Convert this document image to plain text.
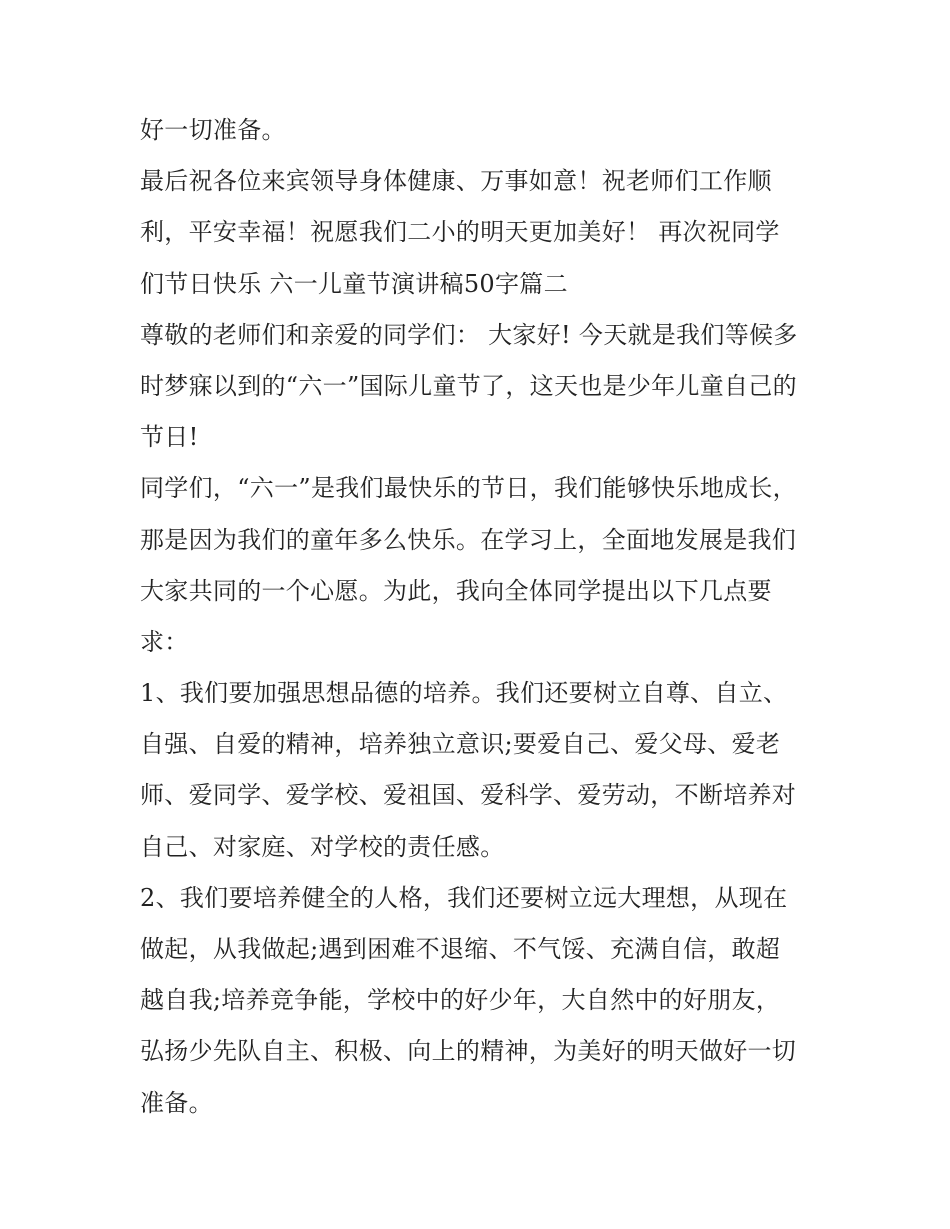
好一切准备。
最后祝各位来宾领导身体健康、万事如意！祝老师们工作顺
利，平安幸福！祝愿我们二小的明天更加美好！ 再次祝同学
们节日快乐 六一儿童节演讲稿50字篇二
尊敬的老师们和亲爱的同学们： 大家好! 今天就是我们等候多
时梦寐以到的“六一”国际儿童节了，这天也是少年儿童自己的
节日!
同学们，“六一”是我们最快乐的节日，我们能够快乐地成长，
那是因为我们的童年多么快乐。在学习上，全面地发展是我们
大家共同的一个心愿。为此，我向全体同学提出以下几点要
求：
1、我们要加强思想品德的培养。我们还要树立自尊、自立、
自强、自爱的精神，培养独立意识;要爱自己、爱父母、爱老
师、爱同学、爱学校、爱祖国、爱科学、爱劳动，不断培养对
自己、对家庭、对学校的责任感。
2、我们要培养健全的人格，我们还要树立远大理想，从现在
做起，从我做起;遇到困难不退缩、不气馁、充满自信，敢超
越自我;培养竞争能，学校中的好少年，大自然中的好朋友，
弘扬少先队自主、积极、向上的精神，为美好的明天做好一切
准备。
